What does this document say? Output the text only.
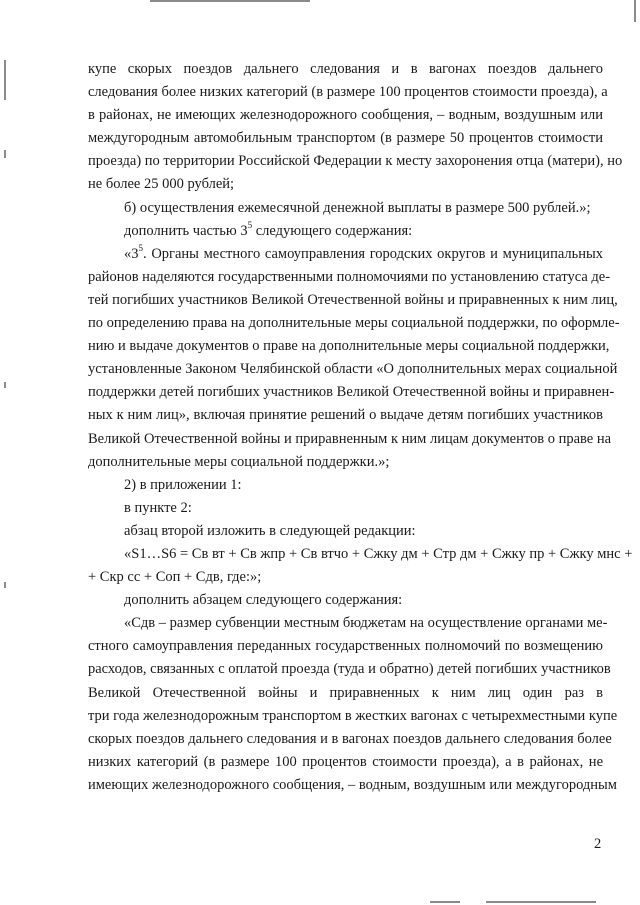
купе скорых поездов дальнего следования и в вагонах поездов дальнего
следования более низких категорий (в размере 100 процентов стоимости проезда), а
в районах, не имеющих железнодорожного сообщения, – водным, воздушным или
междугородным автомобильным транспортом (в размере 50 процентов стоимости
проезда) по территории Российской Федерации к месту захоронения отца (матери), но
не более 25 000 рублей;
б) осуществления ежемесячной денежной выплаты в размере 500 рублей.»;
дополнить частью $3^5$ следующего содержания:
«$3^5$. Органы местного самоуправления городских округов и муниципальных
районов наделяются государственными полномочиями по установлению статуса де-
тей погибших участников Великой Отечественной войны и приравненных к ним лиц,
по определению права на дополнительные меры социальной поддержки, по оформле-
нию и выдаче документов о праве на дополнительные меры социальной поддержки,
установленные Законом Челябинской области «О дополнительных мерах социальной
поддержки детей погибших участников Великой Отечественной войны и приравнен-
ных к ним лиц», включая принятие решений о выдаче детям погибших участников
Великой Отечественной войны и приравненным к ним лицам документов о праве на
дополнительные меры социальной поддержки.»;
2) в приложении 1:
в пункте 2:
абзац второй изложить в следующей редакции:
«S1…S6 = Св вт + Св жпр + Св втчо + Сжку дм + Стр дм + Сжку пр + Сжку мнс +
+ Скр сс + Соп + Сдв, где:»;
дополнить абзацем следующего содержания:
«Сдв – размер субвенции местным бюджетам на осуществление органами ме-
стного самоуправления переданных государственных полномочий по возмещению
расходов, связанных с оплатой проезда (туда и обратно) детей погибших участников
Великой Отечественной войны и приравненных к ним лиц один раз в
три года железнодорожным транспортом в жестких вагонах с четырехместными купе
скорых поездов дальнего следования и в вагонах поездов дальнего следования более
низких категорий (в размере 100 процентов стоимости проезда), а в районах, не
имеющих железнодорожного сообщения, – водным, воздушным или междугородным
2
